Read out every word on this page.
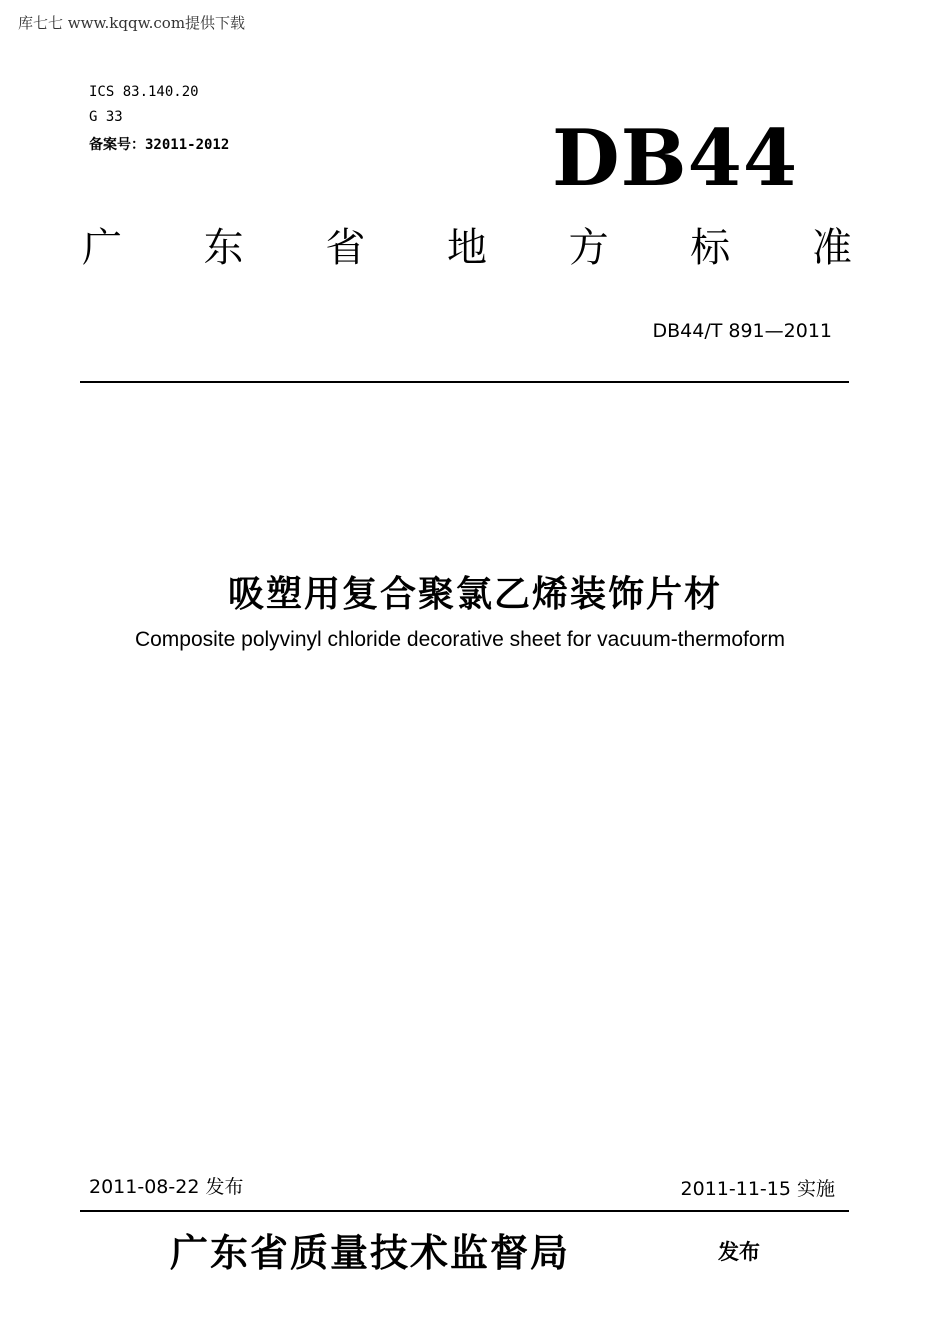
库七七 www.kqqw.com提供下载
ICS 83.140.20
G 33
备案号：32011-2012	DB44
广 东 省 地 方 标 准
DB44/T 891—2011
吸塑用复合聚氯乙烯装饰片材
Composite polyvinyl chloride decorative sheet for vacuum-thermoform
2011-08-22 发布	2011-11-15 实施
广东省质量技术监督局	发布
